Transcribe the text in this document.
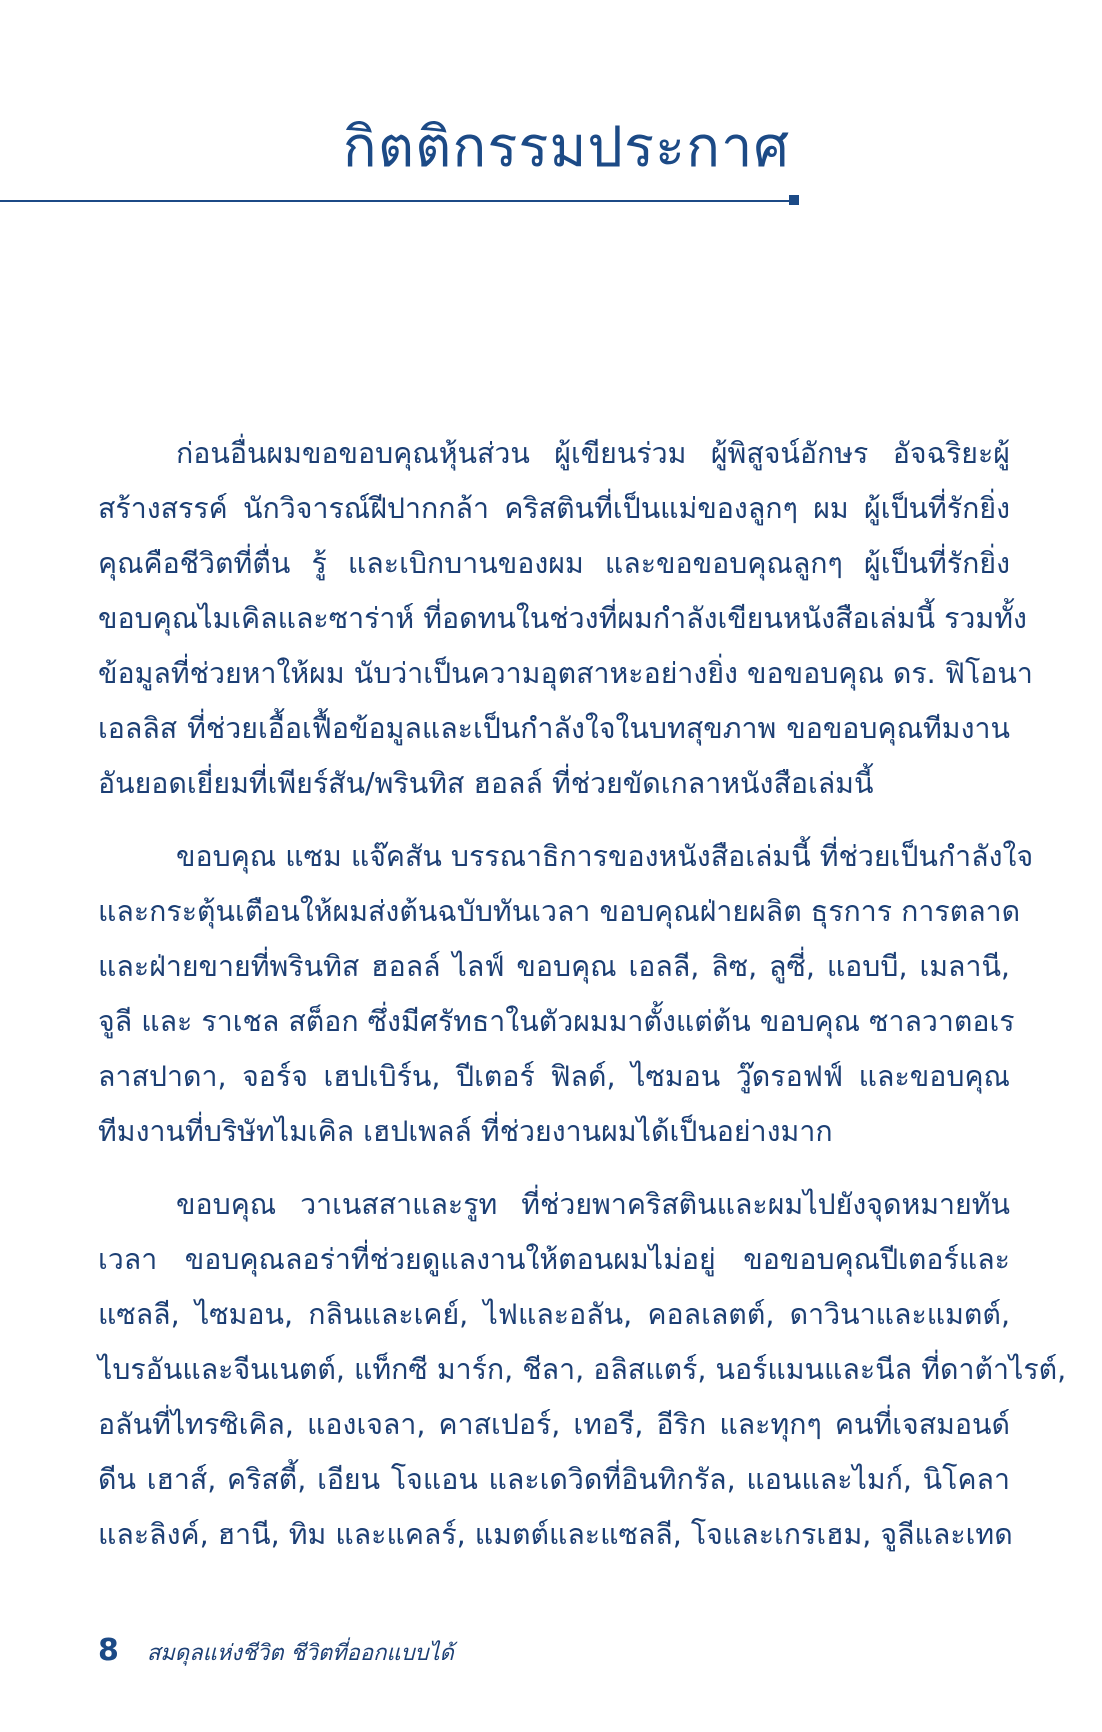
กิตติกรรมประกาศ
ก่อนอื่นผมขอขอบคุณหุ้นส่วน ผู้เขียนร่วม ผู้พิสูจน์อักษร อัจฉริยะผู้
สร้างสรรค์ นักวิจารณ์ฝีปากกล้า คริสตินที่เป็นแม่ของลูกๆ ผม ผู้เป็นที่รักยิ่ง
คุณคือชีวิตที่ตื่น รู้ และเบิกบานของผม และขอขอบคุณลูกๆ ผู้เป็นที่รักยิ่ง
ขอบคุณไมเคิลและซาร่าห์ ที่อดทนในช่วงที่ผมกำลังเขียนหนังสือเล่มนี้ รวมทั้ง
ข้อมูลที่ช่วยหาให้ผม นับว่าเป็นความอุตสาหะอย่างยิ่ง ขอขอบคุณ ดร. ฟิโอนา
เอลลิส ที่ช่วยเอื้อเฟื้อข้อมูลและเป็นกำลังใจในบทสุขภาพ ขอขอบคุณทีมงาน
อันยอดเยี่ยมที่เพียร์สัน/พรินทิส ฮอลล์ ที่ช่วยขัดเกลาหนังสือเล่มนี้
ขอบคุณ แซม แจ๊คสัน บรรณาธิการของหนังสือเล่มนี้ ที่ช่วยเป็นกำลังใจ
และกระตุ้นเตือนให้ผมส่งต้นฉบับทันเวลา ขอบคุณฝ่ายผลิต ธุรการ การตลาด
และฝ่ายขายที่พรินทิส ฮอลล์ ไลฟ์ ขอบคุณ เอลลี, ลิซ, ลูซี่, แอบบี, เมลานี,
จูลี และ ราเชล สต็อก ซึ่งมีศรัทธาในตัวผมมาตั้งแต่ต้น ขอบคุณ ซาลวาตอเร
ลาสปาดา, จอร์จ เฮปเบิร์น, ปีเตอร์ ฟิลด์, ไซมอน วู๊ดรอฟฟ์ และขอบคุณ
ทีมงานที่บริษัทไมเคิล เฮปเพลล์ ที่ช่วยงานผมได้เป็นอย่างมาก
ขอบคุณ วาเนสสาและรูท ที่ช่วยพาคริสตินและผมไปยังจุดหมายทัน
เวลา ขอบคุณลอร่าที่ช่วยดูแลงานให้ตอนผมไม่อยู่ ขอขอบคุณปีเตอร์และ
แซลลี, ไซมอน, กลินและเคย์, ไฟและอลัน, คอลเลตต์, ดาวินาและแมตต์,
ไบรอันและจีนเนตต์, แท็กซี มาร์ก, ชีลา, อลิสแตร์, นอร์แมนและนีล ที่ดาต้าไรต์,
อลันที่ไทรซิเคิล, แองเจลา, คาสเปอร์, เทอรี, อีริก และทุกๆ คนที่เจสมอนด์
ดีน เฮาส์, คริสตี้, เอียน โจแอน และเดวิดที่อินทิกรัล, แอนและไมก์, นิโคลา
และลิงค์, ฮานี, ทิม และแคลร์, แมตต์และแซลลี, โจและเกรเฮม, จูลีและเทด
8 สมดุลแห่งชีวิต ชีวิตที่ออกแบบได้
